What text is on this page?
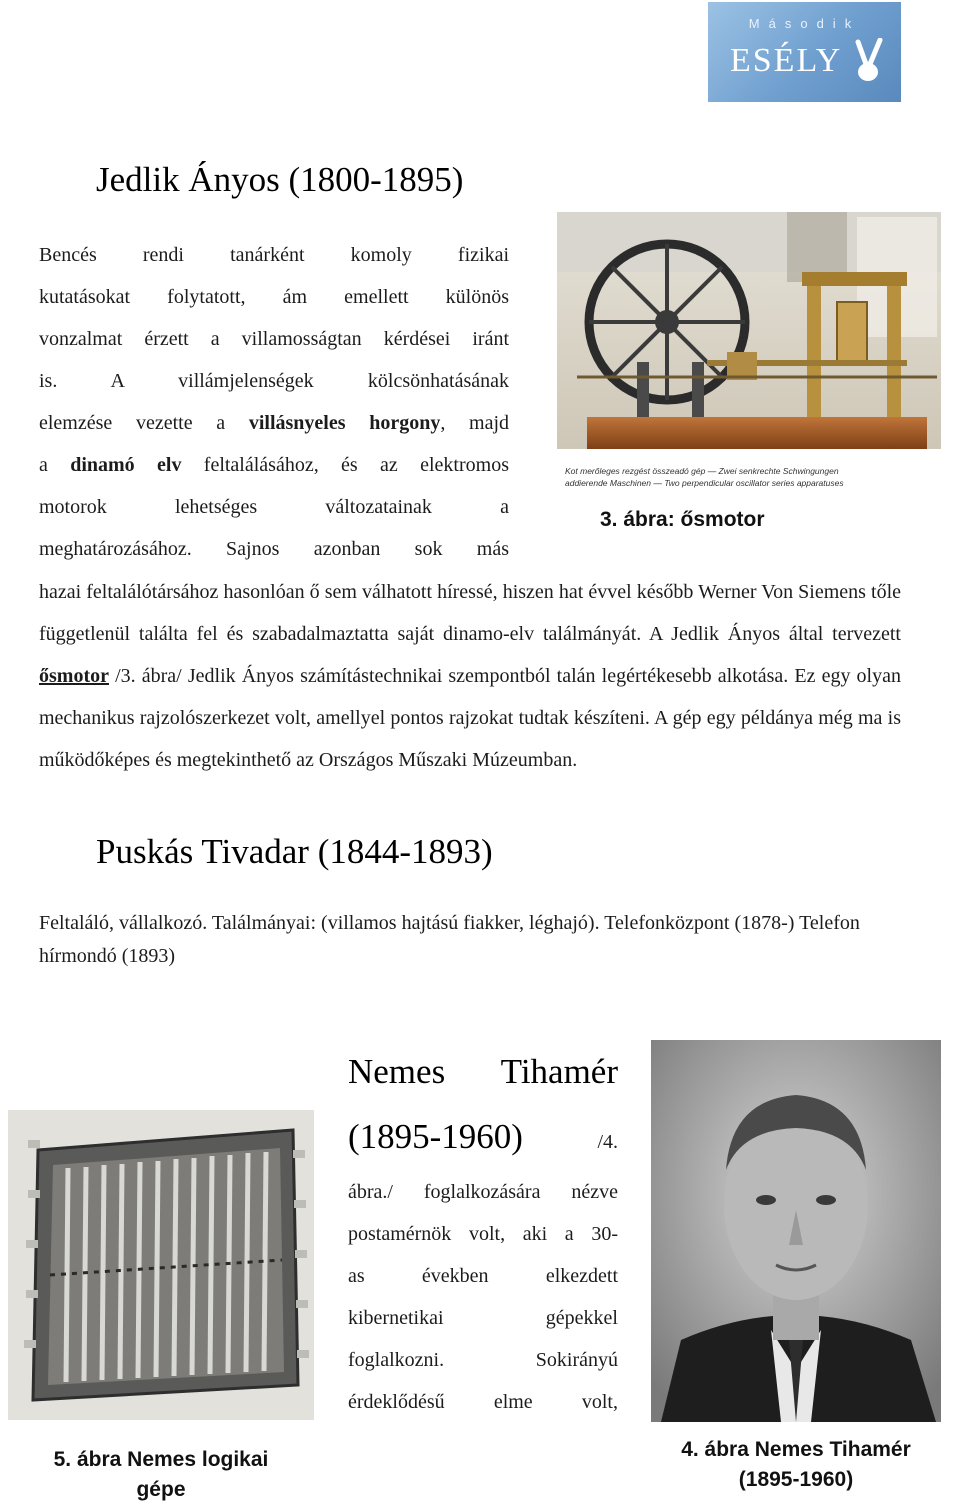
Második
ESÉLY
Jedlik Ányos (1800-1895)
Bencés rendi tanárként komoly fizikai
kutatásokat folytatott, ám emellett különös
vonzalmat érzett a villamosságtan kérdései iránt
is. A villámjelenségek kölcsönhatásának
elemzése vezette a villásnyeles horgony, majd
a dinamó elv feltalálásához, és az elektromos
motorok lehetséges változatainak a
meghatározásához. Sajnos azonban sok más
Kot merőleges rezgést összeadó gép — Zwei senkrechte Schwingungen
addierende Maschinen — Two perpendicular oscillator series apparatuses
3. ábra: ősmotor
hazai feltalálótársához hasonlóan ő sem válhatott híressé, hiszen hat évvel később Werner Von Siemens tőle függetlenül találta fel és szabadalmaztatta saját dinamo-elv találmányát. A Jedlik Ányos által tervezett ősmotor /3. ábra/ Jedlik Ányos számítástechnikai szempontból talán legértékesebb alkotása. Ez egy olyan mechanikus rajzolószerkezet volt, amellyel pontos rajzokat tudtak készíteni. A gép egy példánya még ma is működőképes és megtekinthető az Országos Műszaki Múzeumban.
Puskás Tivadar (1844-1893)
Feltaláló, vállalkozó. Találmányai: (villamos hajtású fiakker, léghajó). Telefonközpont (1878-) Telefon hírmondó (1893)
Nemes Tihamér
(1895-1960)	/4.
ábra./ foglalkozására nézve
postamérnök volt, aki a 30-
as években elkezdett
kibernetikai gépekkel
foglalkozni. Sokirányú
érdeklődésű elme volt,
5. ábra Nemes logikai
gépe
4. ábra Nemes Tihamér
(1895-1960)
